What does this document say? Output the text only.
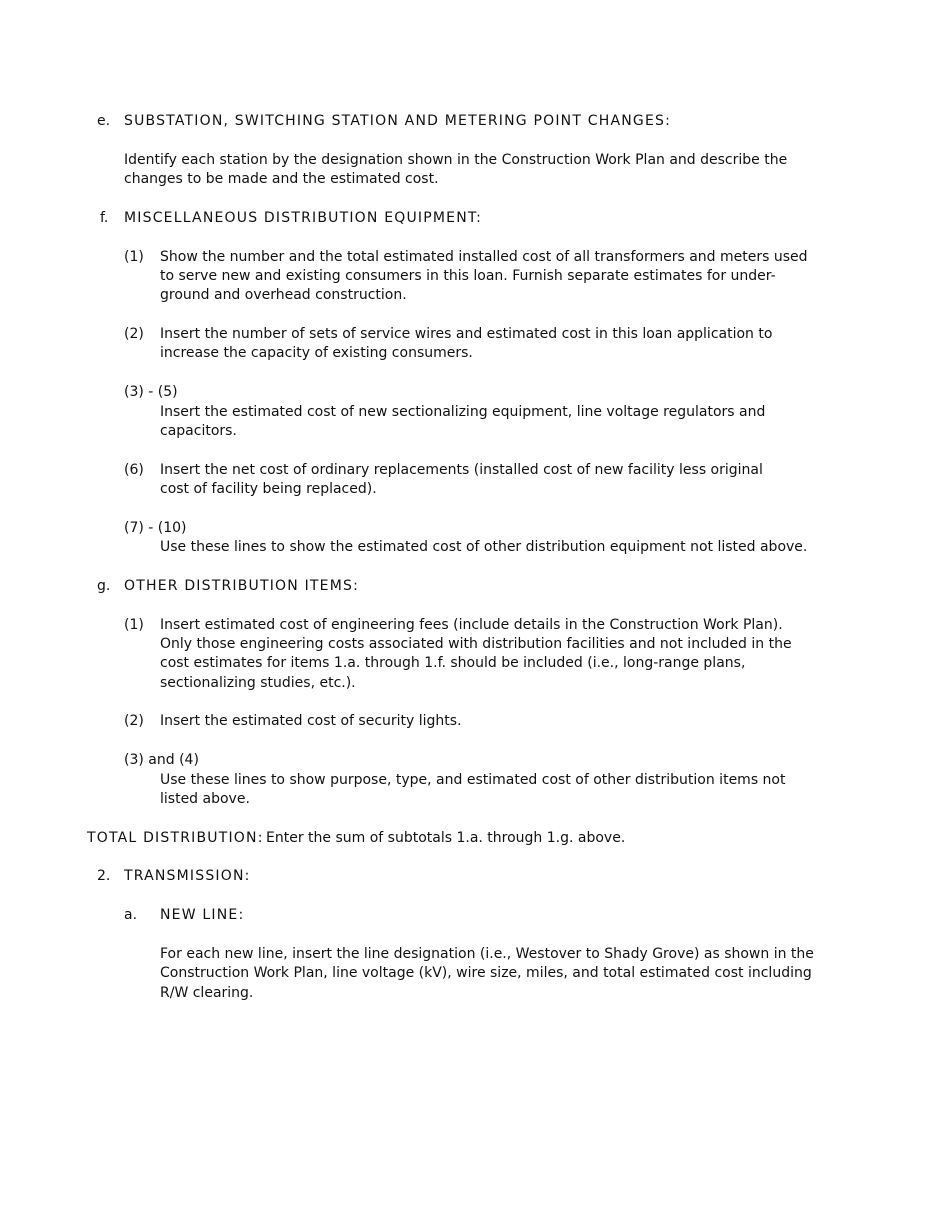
e. SUBSTATION, SWITCHING STATION AND METERING POINT CHANGES:

Identify each station by the designation shown in the Construction Work Plan and describe the

changes to be made and the estimated cost.

f. MISCELLANEOUS DISTRIBUTION EQUIPMENT:

(1) Show the number and the total estimated installed cost of all transformers and meters used

to serve new and existing consumers in this loan. Furnish separate estimates for under-

ground and overhead construction.

(2) Insert the number of sets of service wires and estimated cost in this loan application to

increase the capacity of existing consumers.

(3) - (5)

Insert the estimated cost of new sectionalizing equipment, line voltage regulators and

capacitors.

(6) Insert the net cost of ordinary replacements (installed cost of new facility less original

cost of facility being replaced).

(7) - (10)

Use these lines to show the estimated cost of other distribution equipment not listed above.

g. OTHER DISTRIBUTION ITEMS:

(1) Insert estimated cost of engineering fees (include details in the Construction Work Plan).

Only those engineering costs associated with distribution facilities and not included in the

cost estimates for items 1.a. through 1.f. should be included (i.e., long-range plans,

sectionalizing studies, etc.).

(2) Insert the estimated cost of security lights.

(3) and (4)

Use these lines to show purpose, type, and estimated cost of other distribution items not

listed above.

TOTAL DISTRIBUTION: Enter the sum of subtotals 1.a. through 1.g. above.

2. TRANSMISSION:

a. NEW LINE:

For each new line, insert the line designation (i.e., Westover to Shady Grove) as shown in the

Construction Work Plan, line voltage (kV), wire size, miles, and total estimated cost including

R/W clearing.
